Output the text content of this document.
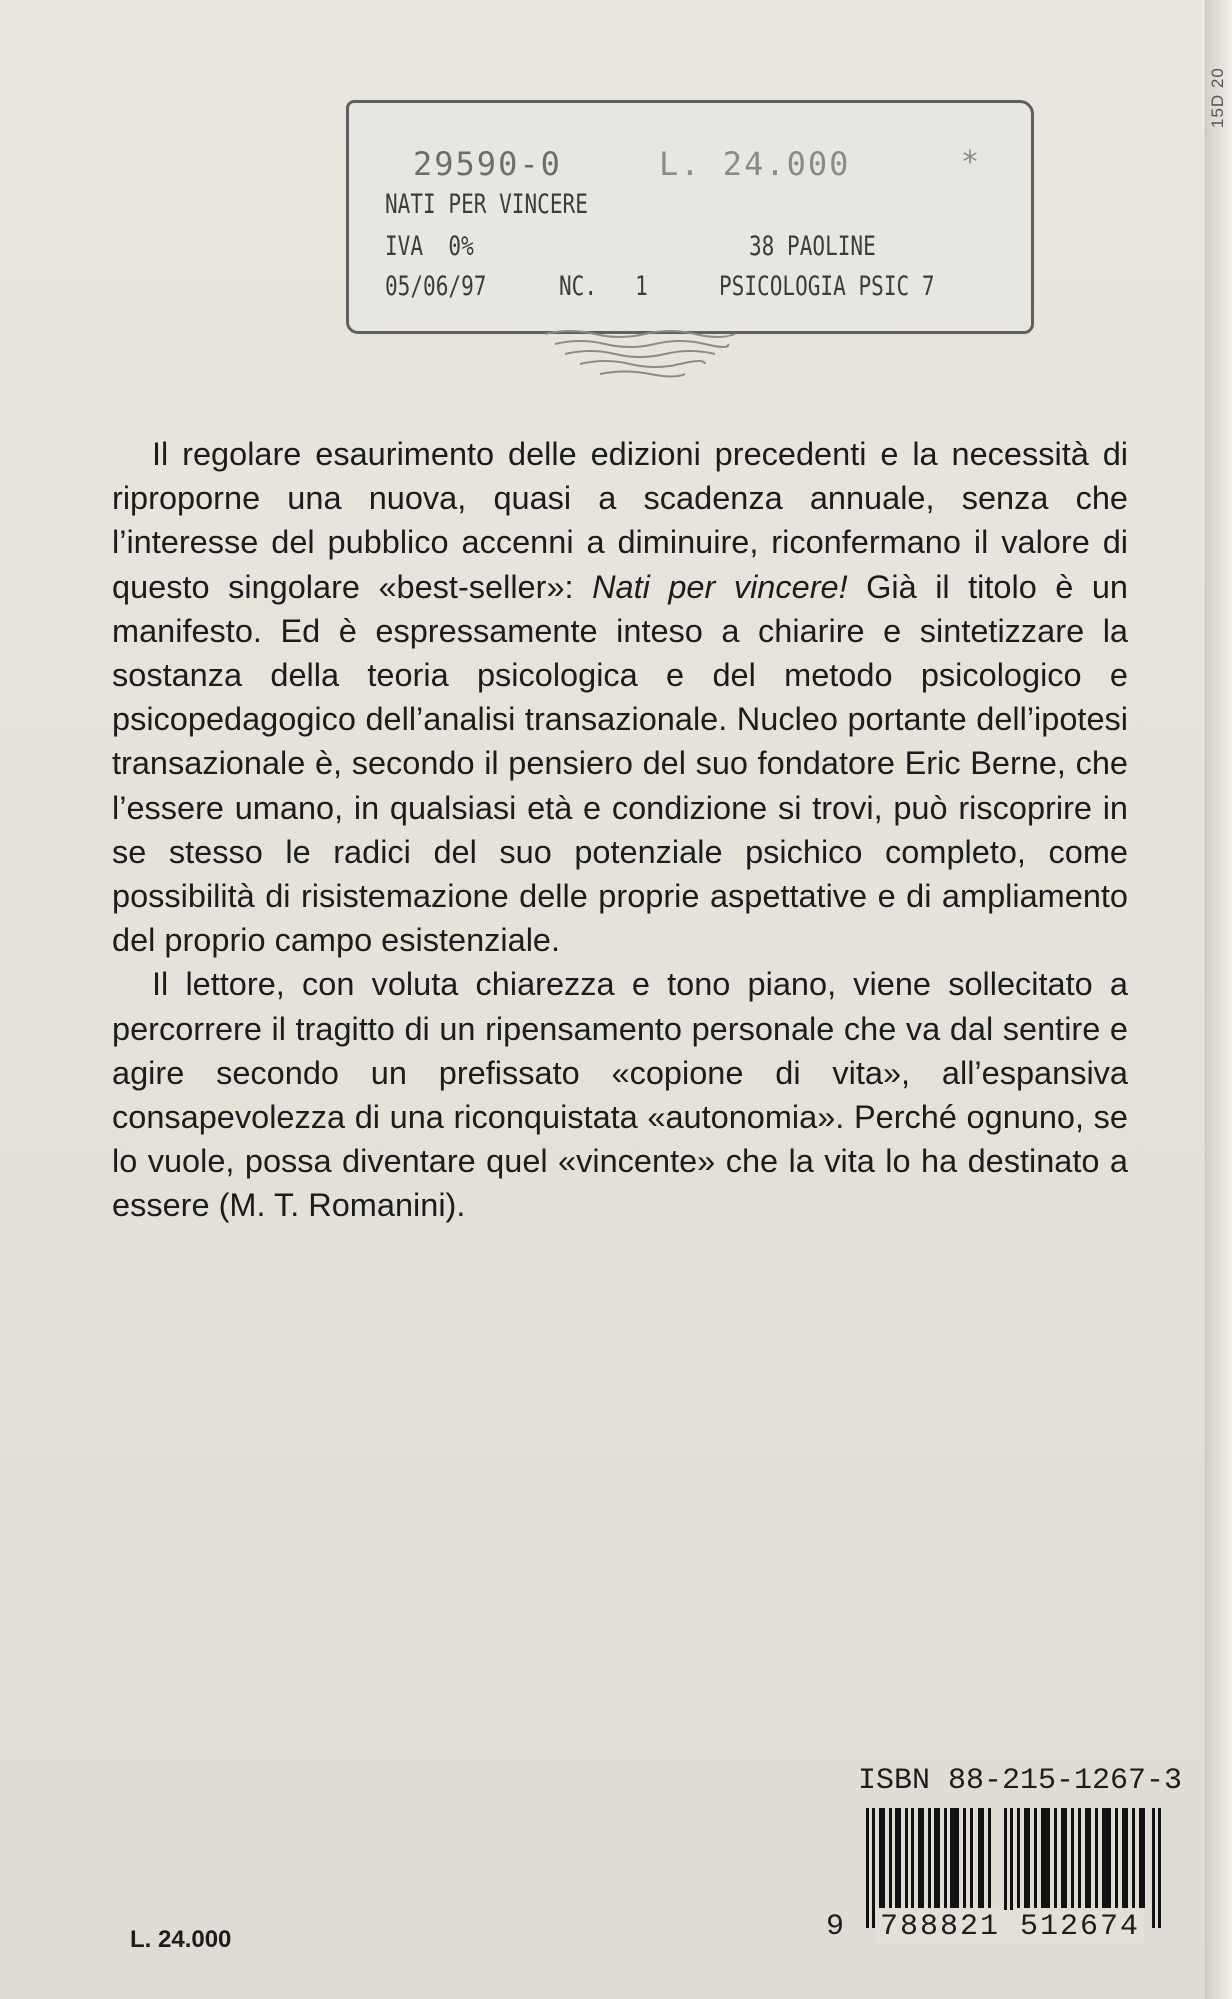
15D 20
29590-0	L. 24.000	*
NATI PER VINCERE
IVA  0%	38 PAOLINE
05/06/97	NC.   1	PSICOLOGIA PSIC 7

Il regolare esaurimento delle edizioni precedenti e la necessità di riproporne una nuova, quasi a scadenza annuale, senza che l’interesse del pubblico accenni a diminuire, riconfermano il valore di questo singolare «best-seller»: Nati per vincere! Già il titolo è un manifesto. Ed è espressamente inteso a chiarire e sintetizzare la sostanza della teoria psicologica e del metodo psicologico e psicopedagogico dell’analisi transazionale. Nucleo portante dell’ipotesi transazionale è, secondo il pensiero del suo fondatore Eric Berne, che l’essere umano, in qualsiasi età e condizione si trovi, può riscoprire in se stesso le radici del suo potenziale psichico completo, come possibilità di risistemazione delle proprie aspettative e di ampliamento del proprio campo esistenziale.

Il lettore, con voluta chiarezza e tono piano, viene sollecitato a percorrere il tragitto di un ripensamento personale che va dal sentire e agire secondo un prefissato «copione di vita», all’espansiva consapevolezza di una riconquistata «autonomia». Perché ognuno, se lo vuole, possa diventare quel «vincente» che la vita lo ha destinato a essere (M. T. Romanini).

ISBN 88-215-1267-3
9 788821 512674
L. 24.000
